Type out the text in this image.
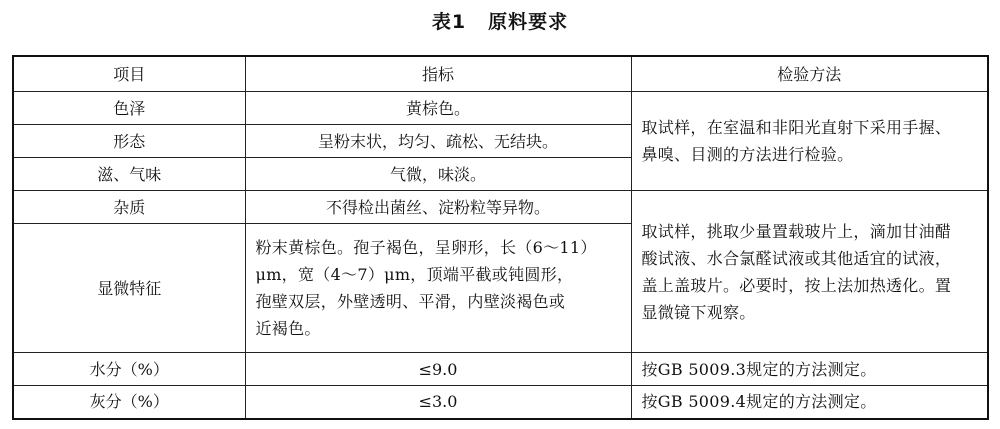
表1 原料要求
项目	指标	检验方法
色泽	黄棕色。	取试样，在室温和非阳光直射下采用手握、
鼻嗅、目测的方法进行检验。

形态	呈粉末状，均匀、疏松、无结块。	
滋、气味	气微，味淡。	
杂质	不得检出菌丝、淀粉粒等异物。	取试样，挑取少量置载玻片上，滴加甘油醋
酸试液、水合氯醛试液或其他适宜的试液，
盖上盖玻片。必要时，按上法加热透化。置
显微镜下观察。

显微特征	粉末黄棕色。孢子褐色，呈卵形，长（6～11）
μm，宽（4～7）μm，顶端平截或钝圆形，
孢壁双层，外壁透明、平滑，内壁淡褐色或
近褐色。	

水分（%）	≤9.0	按GB 5009.3规定的方法测定。
灰分（%）	≤3.0	按GB 5009.4规定的方法测定。
